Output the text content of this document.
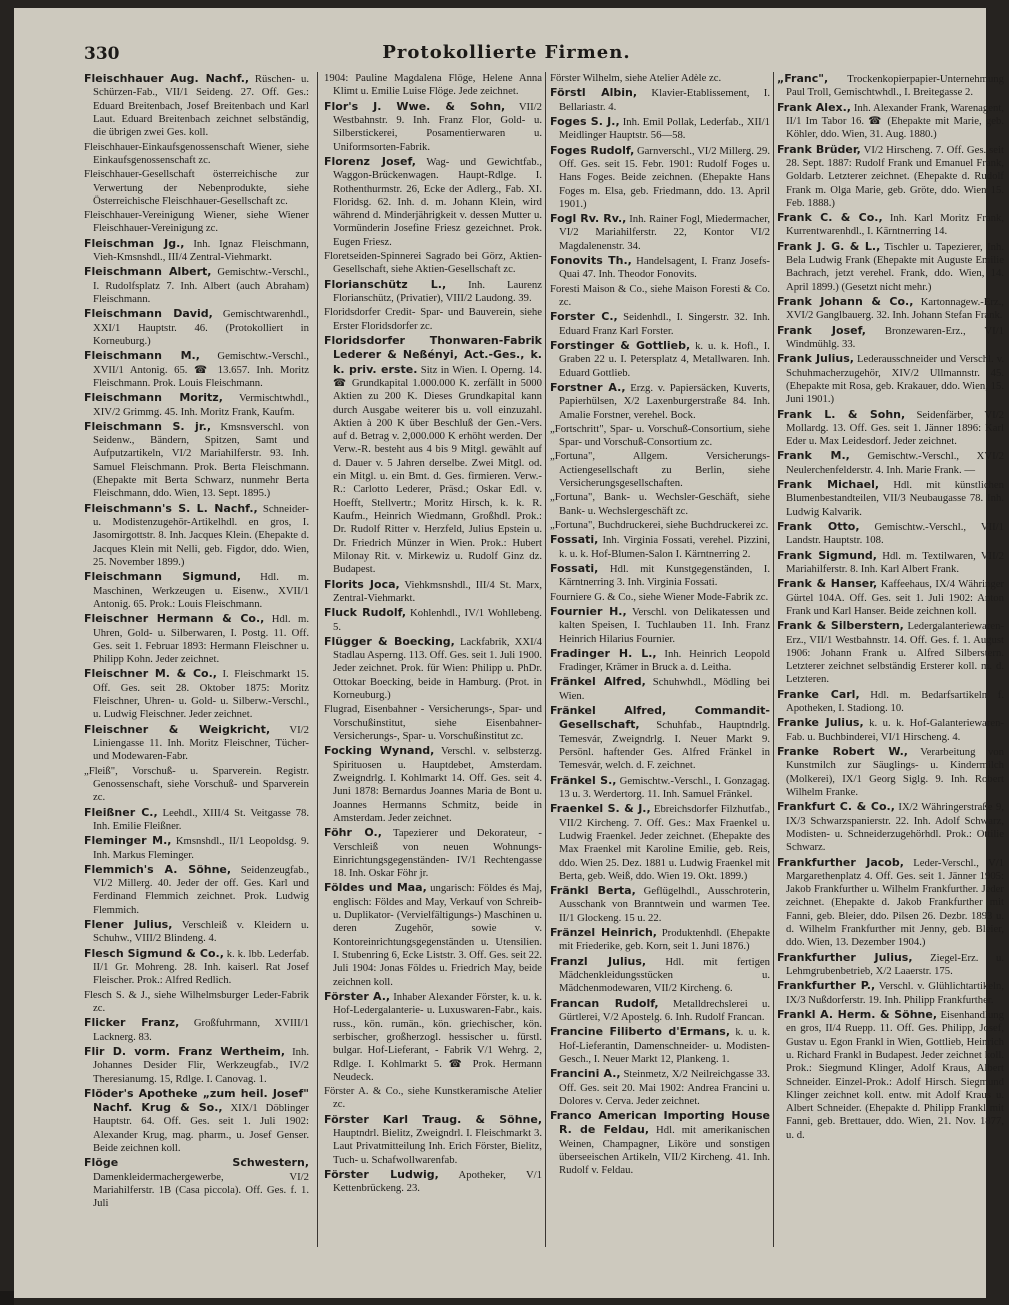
330	Protokollierte Firmen.

Fleischhauer Aug. Nachf., Rüschen- u. Schürzen-Fab., VII/1 Seideng. 27. Off. Ges.: Eduard Breitenbach, Josef Breitenbach und Karl Laut. Eduard Breitenbach zeichnet selbständig, die übrigen zwei Ges. koll.

Fleischhauer-Einkaufsgenossenschaft Wiener, siehe Einkaufsgenossenschaft zc.

Fleischhauer-Gesellschaft österreichische zur Verwertung der Nebenprodukte, siehe Österreichische Fleischhauer-Gesellschaft zc.

Fleischhauer-Vereinigung Wiener, siehe Wiener Fleischhauer-Vereinigung zc.

Fleischman Jg., Inh. Ignaz Fleischmann, Vieh-Kmsnshdl., III/4 Zentral-Viehmarkt.

Fleischmann Albert, Gemischtw.-Verschl., I. Rudolfsplatz 7. Inh. Albert (auch Abraham) Fleischmann.

Fleischmann David, Gemischtwarenhdl., XXI/1 Hauptstr. 46. (Protokolliert in Korneuburg.)

Fleischmann M., Gemischtw.-Verschl., XVII/1 Antonig. 65. ☎ 13.657. Inh. Moritz Fleischmann. Prok. Louis Fleischmann.

Fleischmann Moritz, Vermischtwhdl., XIV/2 Grimmg. 45. Inh. Moritz Frank, Kaufm.

Fleischmann S. jr., Kmsnsverschl. von Seidenw., Bändern, Spitzen, Samt und Aufputzartikeln, VI/2 Mariahilferstr. 93. Inh. Samuel Fleischmann. Prok. Berta Fleischmann. (Ehepakte mit Berta Schwarz, nunmehr Berta Fleischmann, ddo. Wien, 13. Sept. 1895.)

Fleischmann's S. L. Nachf., Schneider- u. Modistenzugehör-Artikelhdl. en gros, I. Jasomirgottstr. 8. Inh. Jacques Klein. (Ehepakte d. Jacques Klein mit Nelli, geb. Figdor, ddo. Wien, 25. November 1899.)

Fleischmann Sigmund, Hdl. m. Maschinen, Werkzeugen u. Eisenw., XVII/1 Antonig. 65. Prok.: Louis Fleischmann.

Fleischner Hermann & Co., Hdl. m. Uhren, Gold- u. Silberwaren, I. Postg. 11. Off. Ges. seit 1. Februar 1893: Hermann Fleischner u. Philipp Kohn. Jeder zeichnet.

Fleischner M. & Co., I. Fleischmarkt 15. Off. Ges. seit 28. Oktober 1875: Moritz Fleischner, Uhren- u. Gold- u. Silberw.-Verschl., u. Ludwig Fleischner. Jeder zeichnet.

Fleischner & Weigkricht, VI/2 Liniengasse 11. Inh. Moritz Fleischner, Tücher- und Modewaren-Fabr.

„Fleiß", Vorschuß- u. Sparverein. Registr. Genossenschaft, siehe Vorschuß- und Sparverein zc.

Fleißner C., Leehdl., XIII/4 St. Veitgasse 78. Inh. Emilie Fleißner.

Fleminger M., Kmsnshdl., II/1 Leopoldsg. 9. Inh. Markus Fleminger.

Flemmich's A. Söhne, Seidenzeugfab., VI/2 Millerg. 40. Jeder der off. Ges. Karl und Ferdinand Flemmich zeichnet. Prok. Ludwig Flemmich.

Flener Julius, Verschleiß v. Kleidern u. Schuhw., VIII/2 Blindeng. 4.

Flesch Sigmund & Co., k. k. lbb. Lederfab. II/1 Gr. Mohreng. 28. Inh. kaiserl. Rat Josef Fleischer. Prok.: Alfred Redlich.

Flesch S. & J., siehe Wilhelmsburger Leder-Fabrik zc.

Flicker Franz, Großfuhrmann, XVIII/1 Lacknerg. 83.

Flir D. vorm. Franz Wertheim, Inh. Johannes Desider Flir, Werkzeugfab., IV/2 Theresianumg. 15, Rdlge. I. Canovag. 1.

Flöder's Apotheke „zum heil. Josef" Nachf. Krug & So., XIX/1 Döblinger Hauptstr. 64. Off. Ges. seit 1. Juli 1902: Alexander Krug, mag. pharm., u. Josef Genser. Beide zeichnen koll.

Flöge Schwestern, Damenkleidermachergewerbe, VI/2 Mariahilferstr. 1B (Casa piccola). Off. Ges. f. 1. Juli

1904: Pauline Magdalena Flöge, Helene Anna Klimt u. Emilie Luise Flöge. Jede zeichnet.

Flor's J. Wwe. & Sohn, VII/2 Westbahnstr. 9. Inh. Franz Flor, Gold- u. Silberstickerei, Posamentierwaren u. Uniformsorten-Fabrik.

Florenz Josef, Wag- und Gewichtfab., Waggon-Brückenwagen. Haupt-Rdlge. I. Rothenthurmstr. 26, Ecke der Adlerg., Fab. XI. Floridsg. 62. Inh. d. m. Johann Klein, wird während d. Minderjährigkeit v. dessen Mutter u. Vormünderin Josefine Friesz gezeichnet. Prok. Eugen Friesz.

Floretseiden-Spinnerei Sagrado bei Görz, Aktien-Gesellschaft, siehe Aktien-Gesellschaft zc.

Florianschütz L., Inh. Laurenz Florianschütz, (Privatier), VIII/2 Laudong. 39.

Floridsdorfer Credit- Spar- und Bauverein, siehe Erster Floridsdorfer zc.

Floridsdorfer Thonwaren-Fabrik Lederer & Neßényi, Act.-Ges., k. k. priv. erste. Sitz in Wien. I. Operng. 14. ☎ Grundkapital 1.000.000 K. zerfällt in 5000 Aktien zu 200 K. Dieses Grundkapital kann durch Ausgabe weiterer bis u. voll einzuzahl. Aktien à 200 K über Beschluß der Gen.-Vers. auf d. Betrag v. 2,000.000 K erhöht werden. Der Verw.-R. besteht aus 4 bis 9 Mitgl. gewählt auf d. Dauer v. 5 Jahren derselbe. Zwei Mitgl. od. ein Mitgl. u. ein Bmt. d. Ges. firmieren. Verw.-R.: Carlotto Lederer, Präsd.; Oskar Edl. v. Hoefft, Stellvertr.; Moritz Hirsch, k. k. R. Kaufm., Heinrich Wiedmann, Großhdl. Prok.: Dr. Rudolf Ritter v. Herzfeld, Julius Epstein u. Dr. Friedrich Münzer in Wien. Prok.: Hubert Milonay Rit. v. Mirkewiz u. Rudolf Ginz dz. Budapest.

Florits Joca, Viehkmsnshdl., III/4 St. Marx, Zentral-Viehmarkt.

Fluck Rudolf, Kohlenhdl., IV/1 Wohllebeng. 5.

Flügger & Boecking, Lackfabrik, XXI/4 Stadlau Asperng. 113. Off. Ges. seit 1. Juli 1900. Jeder zeichnet. Prok. für Wien: Philipp u. PhDr. Ottokar Boecking, beide in Hamburg. (Prot. in Korneuburg.)

Flugrad, Eisenbahner - Versicherungs-, Spar- und Vorschußinstitut, siehe Eisenbahner-Versicherungs-, Spar- u. Vorschußinstitut zc.

Focking Wynand, Verschl. v. selbsterzg. Spirituosen u. Hauptdebet, Amsterdam. Zweigndrlg. I. Kohlmarkt 14. Off. Ges. seit 4. Juni 1878: Bernardus Joannes Maria de Bont u. Joannes Hermanns Schmitz, beide in Amsterdam. Jeder zeichnet.

Föhr O., Tapezierer und Dekorateur, -Verschleiß von neuen Wohnungs-Einrichtungsgegenständen- IV/1 Rechtengasse 18. Inh. Oskar Föhr jr.

Földes und Maa, ungarisch: Földes és Maj, englisch: Földes and May, Verkauf von Schreib- u. Duplikator- (Vervielfältigungs-) Maschinen u. deren Zugehör, sowie v. Kontoreinrichtungsgegenständen u. Utensilien. I. Stubenring 6, Ecke Liststr. 3. Off. Ges. seit 22. Juli 1904: Jonas Földes u. Friedrich May, beide zeichnen koll.

Förster A., Inhaber Alexander Förster, k. u. k. Hof-Ledergalanterie- u. Luxuswaren-Fabr., kais. russ., kön. rumän., kön. griechischer, kön. serbischer, großherzogl. hessischer u. fürstl. bulgar. Hof-Lieferant, - Fabrik V/1 Wehrg. 2, Rdlge. I. Kohlmarkt 5. ☎ Prok. Hermann Neudeck.

Förster A. & Co., siehe Kunstkeramische Atelier zc.

Förster Karl Traug. & Söhne, Hauptndrl. Bielitz, Zweigndrl. I. Fleischmarkt 3. Laut Privatmitteilung Inh. Erich Förster, Bielitz, Tuch- u. Schafwollwarenfab.

Förster Ludwig, Apotheker, V/1 Kettenbrückeng. 23.

Förster Wilhelm, siehe Atelier Adèle zc.

Förstl Albin, Klavier-Etablissement, I. Bellariastr. 4.

Foges S. J., Inh. Emil Pollak, Lederfab., XII/1 Meidlinger Hauptstr. 56—58.

Foges Rudolf, Garnverschl., VI/2 Millerg. 29. Off. Ges. seit 15. Febr. 1901: Rudolf Foges u. Hans Foges. Beide zeichnen. (Ehepakte Hans Foges m. Elsa, geb. Friedmann, ddo. 13. April 1901.)

Fogl Rv. Rv., Inh. Rainer Fogl, Miedermacher, VI/2 Mariahilferstr. 22, Kontor VI/2 Magdalenenstr. 34.

Fonovits Th., Handelsagent, I. Franz Josefs-Quai 47. Inh. Theodor Fonovits.

Foresti Maison & Co., siehe Maison Foresti & Co. zc.

Forster C., Seidenhdl., I. Singerstr. 32. Inh. Eduard Franz Karl Forster.

Forstinger & Gottlieb, k. u. k. Hofl., I. Graben 22 u. I. Petersplatz 4, Metallwaren. Inh. Eduard Gottlieb.

Forstner A., Erzg. v. Papiersäcken, Kuverts, Papierhülsen, X/2 Laxenburgerstraße 84. Inh. Amalie Forstner, verehel. Bock.

„Fortschritt", Spar- u. Vorschuß-Consortium, siehe Spar- und Vorschuß-Consortium zc.

„Fortuna", Allgem. Versicherungs-Actiengesellschaft zu Berlin, siehe Versicherungsgesellschaften.

„Fortuna", Bank- u. Wechsler-Geschäft, siehe Bank- u. Wechslergeschäft zc.

„Fortuna", Buchdruckerei, siehe Buchdruckerei zc.

Fossati, Inh. Virginia Fossati, verehel. Pizzini, k. u. k. Hof-Blumen-Salon I. Kärntnerring 2.

Fossati, Hdl. mit Kunstgegenständen, I. Kärntnerring 3. Inh. Virginia Fossati.

Fourniere G. & Co., siehe Wiener Mode-Fabrik zc.

Fournier H., Verschl. von Delikatessen und kalten Speisen, I. Tuchlauben 11. Inh. Franz Heinrich Hilarius Fournier.

Fradinger H. L., Inh. Heinrich Leopold Fradinger, Krämer in Bruck a. d. Leitha.

Fränkel Alfred, Schuhwhdl., Mödling bei Wien.

Fränkel Alfred, Commandit-Gesellschaft, Schuhfab., Hauptndrlg. Temesvár, Zweigndrlg. I. Neuer Markt 9. Persönl. haftender Ges. Alfred Fränkel in Temesvár, welch. d. F. zeichnet.

Fränkel S., Gemischtw.-Verschl., I. Gonzagag. 13 u. 3. Werdertorg. 11. Inh. Samuel Fränkel.

Fraenkel S. & J., Ebreichsdorfer Filzhutfab., VII/2 Kircheng. 7. Off. Ges.: Max Fraenkel u. Ludwig Fraenkel. Jeder zeichnet. (Ehepakte des Max Fraenkel mit Karoline Emilie, geb. Reis, ddo. Wien 25. Dez. 1881 u. Ludwig Fraenkel mit Berta, geb. Weiß, ddo. Wien 19. Okt. 1899.)

Fränkl Berta, Geflügelhdl., Ausschroterin, Ausschank von Branntwein und warmen Tee. II/1 Glockeng. 15 u. 22.

Fränzel Heinrich, Produktenhdl. (Ehepakte mit Friederike, geb. Korn, seit 1. Juni 1876.)

Franzl Julius, Hdl. mit fertigen Mädchenkleidungsstücken u. Mädchenmodewaren, VII/2 Kircheng. 6.

Francan Rudolf, Metalldrechslerei u. Gürtlerei, V/2 Apostelg. 6. Inh. Rudolf Francan.

Francine Filiberto d'Ermans, k. u. k. Hof-Lieferantin, Damenschneider- u. Modisten-Gesch., I. Neuer Markt 12, Plankeng. 1.

Francini A., Steinmetz, X/2 Neilreichgasse 33. Off. Ges. seit 20. Mai 1902: Andrea Francini u. Dolores v. Cerva. Jeder zeichnet.

Franco American Importing House R. de Feldau, Hdl. mit amerikanischen Weinen, Champagner, Liköre und sonstigen überseeischen Artikeln, VII/2 Kircheng. 41. Inh. Rudolf v. Feldau.

„Franc", Trockenkopierpapier-Unternehmung Paul Troll, Gemischtwhdl., I. Breitegasse 2.

Frank Alex., Inh. Alexander Frank, Warenagent, II/1 Im Tabor 16. ☎ (Ehepakte mit Marie, geb. Köhler, ddo. Wien, 31. Aug. 1880.)

Frank Brüder, VI/2 Hirscheng. 7. Off. Ges. seit 28. Sept. 1887: Rudolf Frank und Emanuel Frank, Goldarb. Letzterer zeichnet. (Ehepakte d. Rudolf Frank m. Olga Marie, geb. Gröte, ddo. Wien 15. Feb. 1888.)

Frank C. & Co., Inh. Karl Moritz Frank, Kurrentwarenhdl., I. Kärntnerring 14.

Frank J. G. & L., Tischler u. Tapezierer, Inh. Bela Ludwig Frank (Ehepakte mit Auguste Emilie Bachrach, jetzt verehel. Frank, ddo. Wien, 14. April 1899.) (Gesetzt nicht mehr.)

Frank Johann & Co., Kartonnagew.-Erz., XVI/2 Ganglbauerg. 32. Inh. Johann Stefan Frank.

Frank Josef, Bronzewaren-Erz., VI/1 Windmühlg. 33.

Frank Julius, Lederausschneider und Verschl. v. Schuhmacherzugehör, XIV/2 Ullmannstr. 45. (Ehepakte mit Rosa, geb. Krakauer, ddo. Wien, 15. Juni 1901.)

Frank L. & Sohn, Seidenfärber, VI/2 Mollardg. 13. Off. Ges. seit 1. Jänner 1896: Karl Eder u. Max Leidesdorf. Jeder zeichnet.

Frank M., Gemischtw.-Verschl., XVI/2 Neulerchenfelderstr. 4. Inh. Marie Frank. —

Frank Michael, Hdl. mit künstlichen Blumenbestandteilen, VII/3 Neubaugasse 78. Inh. Ludwig Kalvarik.

Frank Otto, Gemischtw.-Verschl., VII/1 Landstr. Hauptstr. 108.

Frank Sigmund, Hdl. m. Textilwaren, VII/2 Mariahilferstr. 8. Inh. Karl Albert Frank.

Frank & Hanser, Kaffeehaus, IX/4 Währinger Gürtel 104A. Off. Ges. seit 1. Juli 1902: Anton Frank und Karl Hanser. Beide zeichnen koll.

Frank & Silberstern, Ledergalanteriewaren-Erz., VII/1 Westbahnstr. 14. Off. Ges. f. 1. August 1906: Johann Frank u. Alfred Silberstern. Letzterer zeichnet selbständig Ersterer koll. m. d. Letzteren.

Franke Carl, Hdl. m. Bedarfsartikeln f. Apotheken, I. Stadiong. 10.

Franke Julius, k. u. k. Hof-Galanteriewaren-Fab. u. Buchbinderei, VI/1 Hirscheng. 4.

Franke Robert W., Verarbeitung von Kunstmilch zur Säuglings- u. Kindermilch (Molkerei), IX/1 Georg Siglg. 9. Inh. Robert Wilhelm Franke.

Frankfurt C. & Co., IX/2 Währingerstraße 9, IX/3 Schwarzspanierstr. 22. Inh. Adolf Schwarz, Modisten- u. Schneiderzugehörhdl. Prok.: Ottilie Schwarz.

Frankfurther Jacob, Leder-Verschl., V/1 Margarethenplatz 4. Off. Ges. seit 1. Jänner 1905: Jakob Frankfurther u. Wilhelm Frankfurther. Jeder zeichnet. (Ehepakte d. Jakob Frankfurther mit Fanni, geb. Bleier, ddo. Pilsen 26. Dezbr. 1893 u. d. Wilhelm Frankfurther mit Jenny, geb. Bleier, ddo. Wien, 13. Dezember 1904.)

Frankfurther Julius, Ziegel-Erz. u. Lehmgrubenbetrieb, X/2 Laaerstr. 175.

Frankfurther P., Verschl. v. Glühlichtartikeln, IX/3 Nußdorferstr. 19. Inh. Philipp Frankfurther.

Frankl A. Herm. & Söhne, Eisenhandlung en gros, II/4 Ruepp. 11. Off. Ges. Philipp, Josef, Gustav u. Egon Frankl in Wien, Gottlieb, Heinrich u. Richard Frankl in Budapest. Jeder zeichnet koll. Prok.: Siegmund Klinger, Adolf Kraus, Albert Schneider. Einzel-Prok.: Adolf Hirsch. Siegmund Klinger zeichnet koll. entw. mit Adolf Kraus u. Albert Schneider. (Ehepakte d. Philipp Frankl mit Fanni, geb. Brettauer, ddo. Wien, 21. Nov. 1877, u. d.
